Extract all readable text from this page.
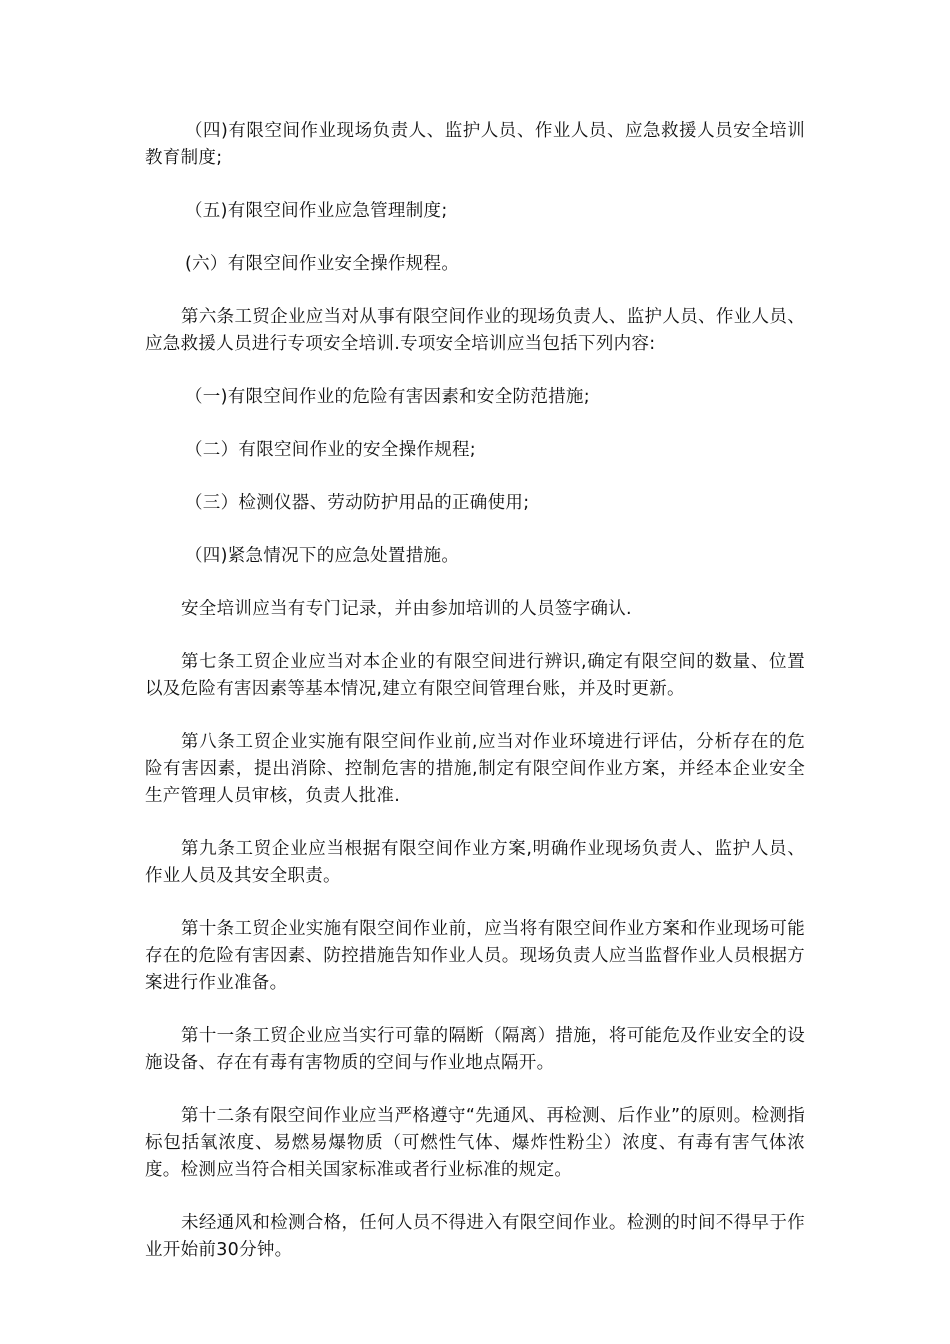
（四)有限空间作业现场负责人、监护人员、作业人员、应急救援人员安全培训教育制度;

（五)有限空间作业应急管理制度;

(六）有限空间作业安全操作规程。

第六条工贸企业应当对从事有限空间作业的现场负责人、监护人员、作业人员、应急救援人员进行专项安全培训.专项安全培训应当包括下列内容:

（一)有限空间作业的危险有害因素和安全防范措施;

（二）有限空间作业的安全操作规程;

（三）检测仪器、劳动防护用品的正确使用;

（四)紧急情况下的应急处置措施。

安全培训应当有专门记录，并由参加培训的人员签字确认.

第七条工贸企业应当对本企业的有限空间进行辨识,确定有限空间的数量、位置以及危险有害因素等基本情况,建立有限空间管理台账，并及时更新。

第八条工贸企业实施有限空间作业前,应当对作业环境进行评估，分析存在的危险有害因素，提出消除、控制危害的措施,制定有限空间作业方案，并经本企业安全生产管理人员审核，负责人批准.

第九条工贸企业应当根据有限空间作业方案,明确作业现场负责人、监护人员、作业人员及其安全职责。

第十条工贸企业实施有限空间作业前，应当将有限空间作业方案和作业现场可能存在的危险有害因素、防控措施告知作业人员。现场负责人应当监督作业人员根据方案进行作业准备。

第十一条工贸企业应当实行可靠的隔断（隔离）措施，将可能危及作业安全的设施设备、存在有毒有害物质的空间与作业地点隔开。

第十二条有限空间作业应当严格遵守“先通风、再检测、后作业”的原则。检测指标包括氧浓度、易燃易爆物质（可燃性气体、爆炸性粉尘）浓度、有毒有害气体浓度。检测应当符合相关国家标准或者行业标准的规定。

未经通风和检测合格，任何人员不得进入有限空间作业。检测的时间不得早于作业开始前30分钟。
